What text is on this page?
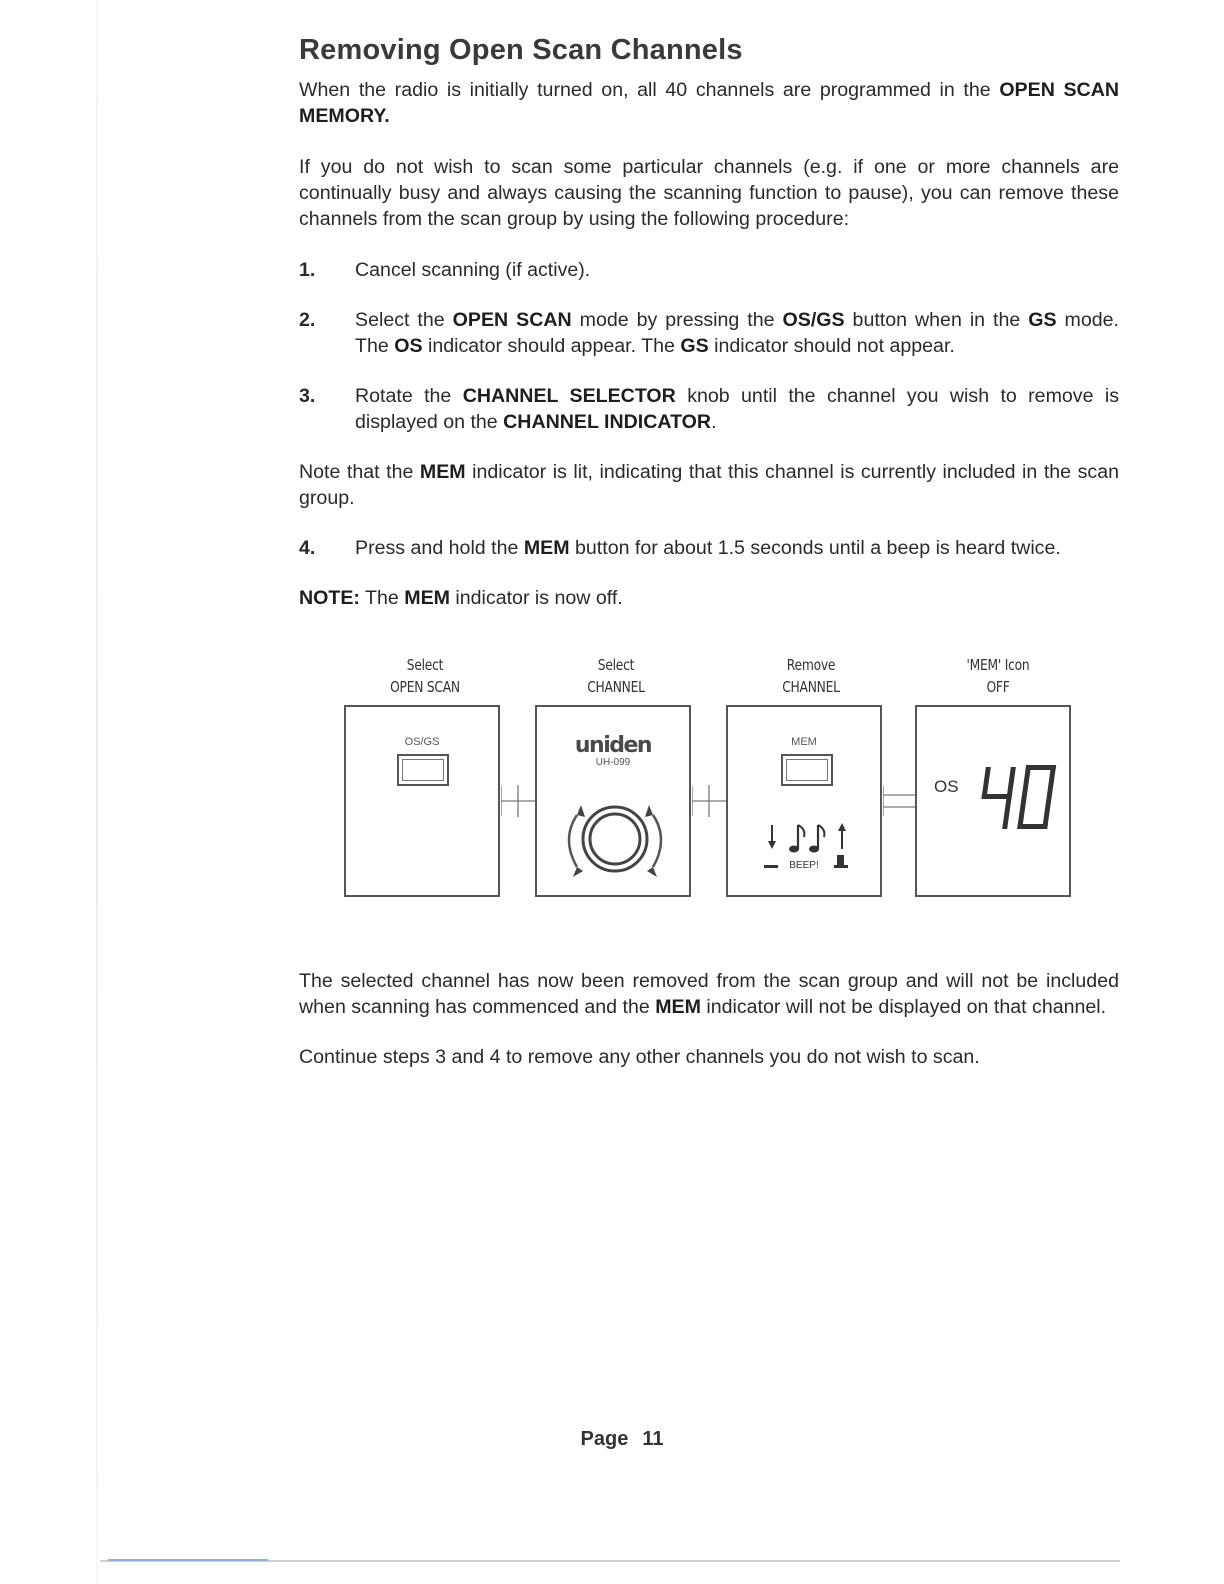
Removing Open Scan Channels

When the radio is initially turned on, all 40 channels are programmed in the OPEN SCAN MEMORY.

If you do not wish to scan some particular channels (e.g. if one or more channels are continually busy and always causing the scanning function to pause), you can remove these channels from the scan group by using the following procedure:

1.	Cancel scanning (if active).
2.	Select the OPEN SCAN mode by pressing the OS/GS button when in the GS mode. The OS indicator should appear. The GS indicator should not appear.
3.	Rotate the CHANNEL SELECTOR knob until the channel you wish to remove is displayed on the CHANNEL INDICATOR.

Note that the MEM indicator is lit, indicating that this channel is currently included in the scan group.

4.	Press and hold the MEM button for about 1.5 seconds until a beep is heard twice.

NOTE: The MEM indicator is now off.

Select
OPEN SCAN
Select
CHANNEL
Remove
CHANNEL
'MEM' Icon
OFF
OS/GS	uniden
UH-099
MEM
BEEP!
OS

The selected channel has now been removed from the scan group and will not be included when scanning has commenced and the MEM indicator will not be displayed on that channel.

Continue steps 3 and 4 to remove any other channels you do not wish to scan.

Page 11
